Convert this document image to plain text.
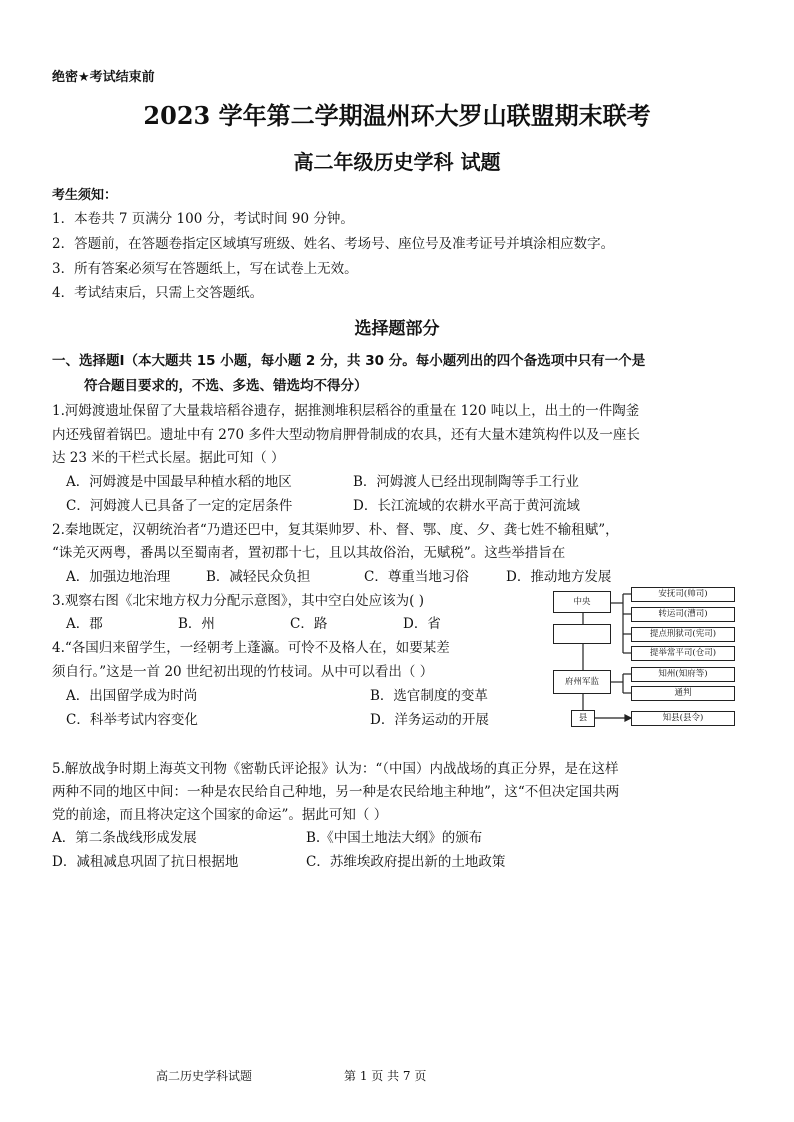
绝密★考试结束前
2023 学年第二学期温州环大罗山联盟期末联考
高二年级历史学科 试题
考生须知：
1．本卷共 7 页满分 100 分，考试时间 90 分钟。
2．答题前，在答题卷指定区域填写班级、姓名、考场号、座位号及准考证号并填涂相应数字。
3．所有答案必须写在答题纸上，写在试卷上无效。
4．考试结束后，只需上交答题纸。
选择题部分
一、选择题Ⅰ（本大题共 15 小题，每小题 2 分，共 30 分。每小题列出的四个备选项中只有一个是
符合题目要求的，不选、多选、错选均不得分）
1.河姆渡遗址保留了大量栽培稻谷遗存，据推测堆积层稻谷的重量在 120 吨以上，出土的一件陶釜
内还残留着锅巴。遗址中有 270 多件大型动物肩胛骨制成的农具，还有大量木建筑构件以及一座长
达 23 米的干栏式长屋。据此可知（ ）
A．河姆渡是中国最早种植水稻的地区	B．河姆渡人已经出现制陶等手工行业
C．河姆渡人已具备了一定的定居条件	D．长江流域的农耕水平高于黄河流域
2.秦地既定，汉朝统治者“乃遣还巴中，复其渠帅罗、朴、督、鄂、度、夕、龚七姓不输租赋”，
“诛羌灭两粤，番禺以至蜀南者，置初郡十七，且以其故俗治，无赋税”。这些举措旨在
A．加强边地治理	B．减轻民众负担	C．尊重当地习俗	D．推动地方发展
3.观察右图《北宋地方权力分配示意图》，其中空白处应该为( )
A．郡	B．州	C．路	D．省
4.“各国归来留学生，一经朝考上蓬瀛。可怜不及格人在，如要某差
须自行。”这是一首 20 世纪初出现的竹枝词。从中可以看出（ ）
A．出国留学成为时尚	B．选官制度的变革
C．科举考试内容变化	D．洋务运动的开展
中央
府州军监
县
安抚司(帅司)
转运司(漕司)
提点刑狱司(宪司)
提举常平司(仓司)
知州(知府等)
通判
知县(县令)
5.解放战争时期上海英文刊物《密勒氏评论报》认为：“（中国）内战战场的真正分界，是在这样
两种不同的地区中间：一种是农民给自己种地，另一种是农民给地主种地”，这“不但决定国共两
党的前途，而且将决定这个国家的命运”。据此可知（ ）
A．第二条战线形成发展	B.《中国土地法大纲》的颁布
D．减租减息巩固了抗日根据地	C．苏维埃政府提出新的土地政策
高二历史学科试题	第 1 页 共 7 页
